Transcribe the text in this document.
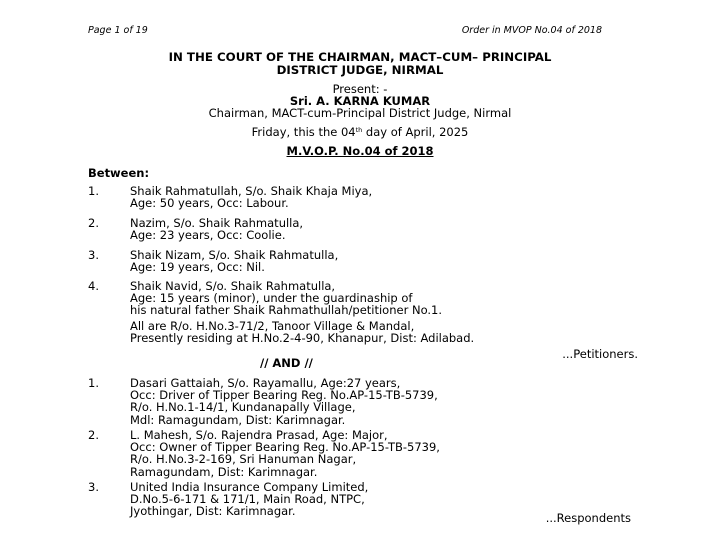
Page 1 of 19	Order in MVOP No.04 of 2018
IN THE COURT OF THE CHAIRMAN, MACT–CUM– PRINCIPAL
DISTRICT JUDGE, NIRMAL
Present: -
Sri. A. KARNA KUMAR
Chairman, MACT-cum-Principal District Judge, Nirmal
Friday, this the 04th day of April, 2025
M.V.O.P. No.04 of 2018
Between:
1.	Shaik Rahmatullah, S/o. Shaik Khaja Miya,
Age: 50 years, Occ: Labour.
2.	Nazim, S/o. Shaik Rahmatulla,
Age: 23 years, Occ: Coolie.
3.	Shaik Nizam, S/o. Shaik Rahmatulla,
Age: 19 years, Occ: Nil.
4.	Shaik Navid, S/o. Shaik Rahmatulla,
Age: 15 years (minor), under the guardinaship of
his natural father Shaik Rahmathullah/petitioner No.1.
All are R/o. H.No.3-71/2, Tanoor Village & Mandal,
Presently residing at H.No.2-4-90, Khanapur, Dist: Adilabad.
...Petitioners.
// AND //
1.	Dasari Gattaiah, S/o. Rayamallu, Age:27 years,
Occ: Driver of Tipper Bearing Reg. No.AP-15-TB-5739,
R/o. H.No.1-14/1, Kundanapally Village,
Mdl: Ramagundam, Dist: Karimnagar.
2.	L. Mahesh, S/o. Rajendra Prasad, Age: Major,
Occ: Owner of Tipper Bearing Reg. No.AP-15-TB-5739,
R/o. H.No.3-2-169, Sri Hanuman Nagar,
Ramagundam, Dist: Karimnagar.
3.	United India Insurance Company Limited,
D.No.5-6-171 & 171/1, Main Road, NTPC,
Jyothingar, Dist: Karimnagar.	...Respondents
